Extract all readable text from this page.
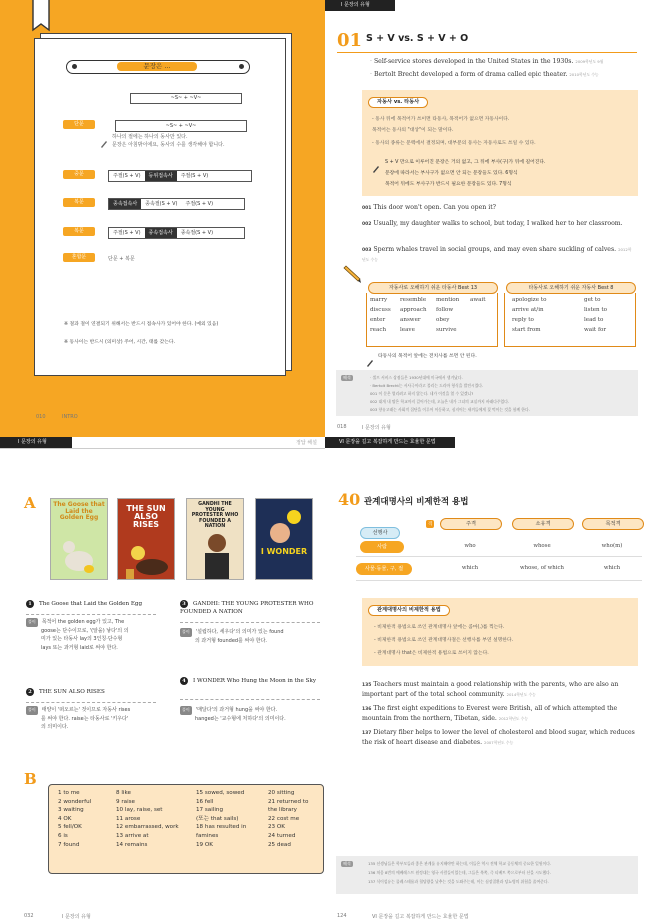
문장은 ...
~S~ + ~V~
단문	~S~ + ~V~
하나의 절에는 하나의 동사만 있다.
문장은 아침밖이에요, 동사의 수를 생각해야 합니다.
중문	주절(S + V) 등위접속사 주절(S + V)
복문	종속접속사 종속절(S + V) 주절(S + V)
복문	주절(S + V) 종속접속사 종속절(S + V)
혼합문	단문 + 복문
※ 절과 절이 연결되기 위해서는 반드시 접속사가 있어야 한다. (예외 있음)
※ 동사이는 반드시 (의미상) 주어, 시간, 태를 갖는다.
010	INTRO
I 문장의 유형
01 S + V vs. S + V + O
· Self-service stores developed in the United States in the 1930s. 2009학년도 9월
· Bertolt Brecht developed a form of drama called epic theater. 2010학년도 수능
자동사 vs. 타동사
- 동사 뒤에 목적어가 쓰이면 타동사, 목적어가 없으면 자동사이다.
목적어는 동사의 "대상"이 되는 말이다.
- 동사의 종류는 문맥에서 결정되며, 대부분의 동사는 자동사로도 쓰일 수 있다.
S + V 만으로 이루어진 문장은 거의 없고, 그 뒤에 부사(구)가 뒤에 길어진다.
문장에 따라서는 부사구가 없으면 안 되는 문장들도 있다. 6형식
목적어 뒤에도 부사구가 반드시 필요한 문장들도 있다. 7형식
001 This door won't open. Can you open it?
002 Usually, my daughter walks to school, but today, I walked her to her classroom.
003 Sperm whales travel in social groups, and may even share suckling of calves. 2012학년도 수능
자동사로 오해하기 쉬운 타동사 Best 13	타동사로 오해하기 쉬운 자동사 Best 8
marry resemble mention await
discuss approach follow
enter	answer	obey
reach leave	survive
apologize to	get to
arrive at/in	listen to
reply to	lead to
start from	wait for
타동사의 목적어 앞에는 전치사를 쓰면 안 된다.
해석	· 셀프 서비스 상점들은 1930년대에 미국에서 생겨났다.
· Bertolt Brecht는 서사극이라고 불리는 드라마 형식을 발전시켰다.
001 이 문은 열리려고 하지 않는다. 네가 이것을 열 수 있겠니?
002 대개 내 딸은 학교까지 걸어가는데, 오늘은 내가 그녀의 교실까지 바래다주었다.
003 향유고래는 사회적 집단을 이루어 이동하고, 심지어는 새끼들에게 젖 먹이는 것을 함께 한다.
018	I 문장의 유형
I 문장의 유형	정답 해설
A	The Goose that Laid the Golden Egg
THE SUN ALSO RISES
GANDHI THE YOUNG PROTESTER WHO FOUNDED A NATION
I WONDER
1 The Goose that Laid the Golden Egg
풀이 목적어 the golden egg가 있고, The
goose는 단수이므로, '(알을) 낳다'의 의
미가 있는 타동사 lay의 3인칭·단수형
lays 또는 과거형 laid로 써야 한다.
2 THE SUN ALSO RISES
풀이 태양이 '떠오르는' 것이므로 자동사 rises
를 써야 한다. raise는 타동사로 '키우다'
의 의미이다.
3 GANDHI: THE YOUNG PROTESTER WHO FOUNDED A NATION
풀이 '설립하다, 세우다'의 의미가 있는 found
의 과거형 founded를 써야 한다.
4 I WONDER Who Hung the Moon in the Sky
풀이 '매달다'의 과거형 hung을 써야 한다.
hanged는 '교수형에 처하다'의 의미이다.
B
1 to me
2 wonderful
3 waiting
4 OK
5 fell/OK
6 is
7 found
8 like
9 raise
10 lay, raise, set
11 arose
12 embarrassed, work
13 arrive at
14 remains
15 sowed, sowed
16 fell
17 sailing
(또는 that sails)
18 has resulted in
famines
19 OK
20 sitting
21 returned to
the library
22 cost me
23 OK
24 turned
25 dead
032	I 문장의 유형
VI 문장을 길고 복잡하게 만드는 효율한 문법
40 관계대명사의 비제한적 용법
선행사
격	주격	소유격	목적격
사람	who	whose	who(m)
사물·동물, 구, 절	which	whose, of which	which
관계대명사의 비제한적 용법
- 비제한적 용법으로 쓰인 관계대명사 앞에는 콤마(,)를 찍는다.
- 비제한적 용법으로 쓰인 관계대명사절은 선행사를 부연 설명한다.
- 관계대명사 that은 비제한적 용법으로 쓰이지 않는다.
135 Teachers must maintain a good relationship with the parents, who are also an important part of the total school community. 2014학년도 수능
136 The first eight expeditions to Everest were British, all of which attempted the mountain from the northern, Tibetan, side. 2012학년도 수능
137 Dietary fiber helps to lower the level of cholesterol and blood sugar, which reduces the risk of heart disease and diabetes. 2007학년도 수능
해석	135 선생님들은 학부모들과 좋은 관계를 유지해야만 하는데, 이들은 역시 전체 학교 공동체의 중요한 일원이다.
136 처음 8번의 에베레스트 원정대는 영국 사람들이었는데, 그들은 북쪽, 즉 티베트 쪽으로부터 산을 시도했다.
137 식이섬유는 콜레스테롤과 혈당량을 낮추는 것을 도와주는데, 이는 심장질환과 당뇨병의 위험을 줄여준다.
124	VI 문장을 길고 복잡하게 만드는 효율한 문법
